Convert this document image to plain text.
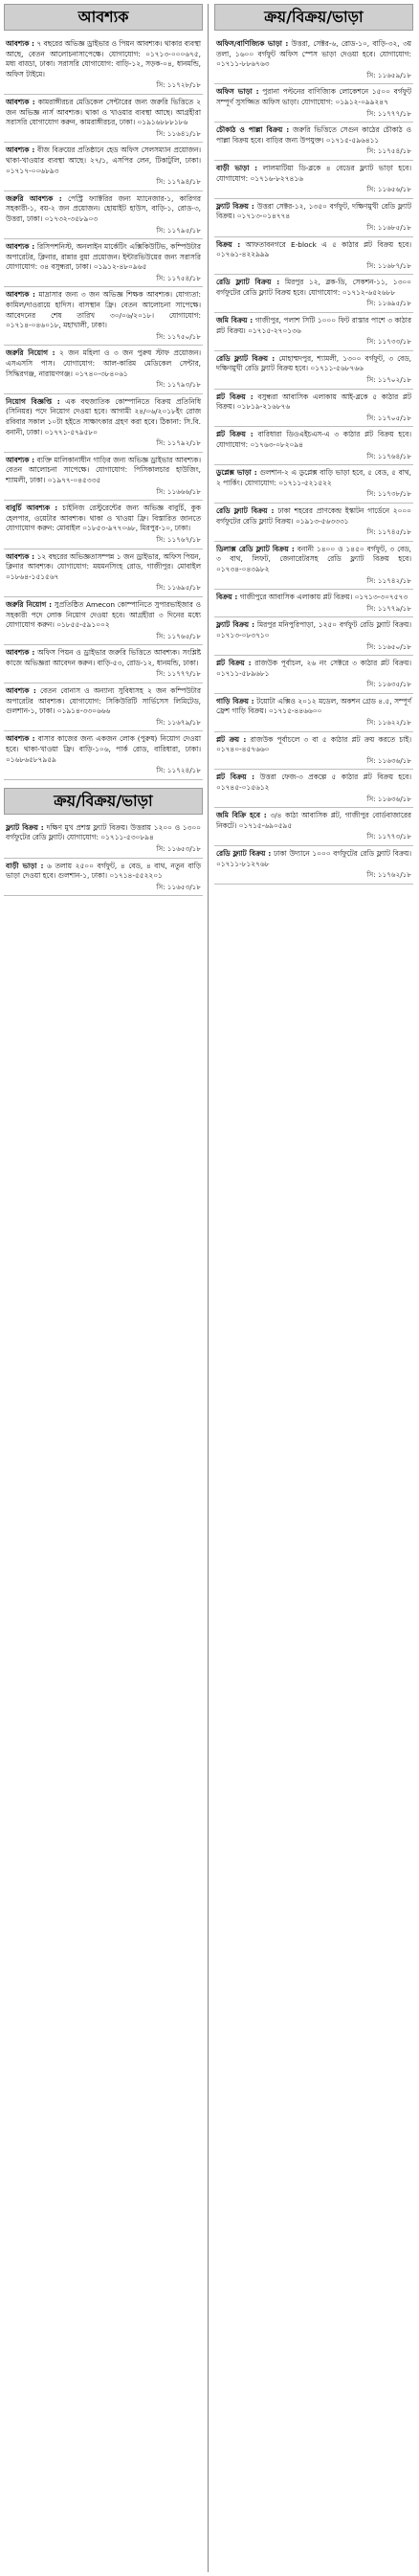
আবশ্যক
আবশ্যক : ৭ বছরের অভিজ্ঞ ড্রাইভার ও পিয়ন আবশ্যক। থাকার ব্যবস্থা আছে, বেতন আলোচনাসাপেক্ষে। যোগাযোগ: ০১৭১৩-০০০৬৭৫, মধ্য বাড্ডা, ঢাকা। সরাসরি যোগাযোগ: বাড়ি-১২, সড়ক-০৪, ধানমন্ডি, অফিস টাইমে।
সি: ১১৭২৮/১৮
আবশ্যক : কামরাঙ্গীরচর মেডিকেল সেন্টারের জন্য জরুরি ভিত্তিতে ২ জন অভিজ্ঞ নার্স আবশ্যক। থাকা ও খাওয়ার ব্যবস্থা আছে। আগ্রহীরা সরাসরি যোগাযোগ করুন, কামরাঙ্গীরচর, ঢাকা। ০১৯১৬৮৮৮১৮৬
সি: ১১৬৪১/১৮
আবশ্যক : বীজ বিক্রয়ের প্রতিষ্ঠানে হেড অফিস সেলসম্যান প্রয়োজন। থাকা-খাওয়ার ব্যবস্থা আছে। ২৭/১, এসপির লেন, টিকাটুলি, ঢাকা। ০১৭১৭-০০৬৮৯৩
সি: ১১৭৯৪/১৮
জরুরি আবশ্যক : পেস্ট্রি ফ্যাক্টরির জন্য ম্যানেজার-১, কারিগর সহকারী-১, বয়-২ জন প্রয়োজন। হোয়াইট হাউস, বাড়ি-১, রোড-৩, উত্তরা, ঢাকা। ০১৭৩২-৩৫৮৯০৩
সি: ১১৭৯৫/১৮
আবশ্যক : রিসিপশনিস্ট, অনলাইন মার্কেটিং এক্সিকিউটিভ, কম্পিউটার অপারেটর, ক্লিনার, রান্নার বুয়া প্রয়োজন। ইন্টারভিউয়ের জন্য সরাসরি যোগাযোগ: ৩৪ বসুন্ধরা, ঢাকা। ০১৯১২-৪৮০৯৬৫
সি: ১১৭৫৪/১৮
আবশ্যক : মাদ্রাসার জন্য ৩ জন অভিজ্ঞ শিক্ষক আবশ্যক। যোগ্যতা: কামিল/দাওরায়ে হাদিস। বাসস্থান ফ্রি। বেতন আলোচনা সাপেক্ষে। আবেদনের শেষ তারিখ ৩০/০৬/২০১৮। যোগাযোগ: ০১৭১৪-০৪৬০১৮, মহাখালী, ঢাকা।
সি: ১১৭৫০/১৮
জরুরি নিয়োগ : ২ জন মহিলা ও ৩ জন পুরুষ স্টাফ প্রয়োজন। এসএসসি পাস। যোগাযোগ: আল-কারিম মেডিকেল সেন্টার, সিদ্ধিরগঞ্জ, নারায়ণগঞ্জ। ০১৭৪০-৩৮৪০৬১
সি: ১১৭৯৩/১৮
নিয়োগ বিজ্ঞপ্তি : এক বহুজাতিক কোম্পানিতে বিক্রয় প্রতিনিধি (সিনিয়র) পদে নিয়োগ দেওয়া হবে। আগামী ২৪/০৬/২০১৮ইং রোজ রবিবার সকাল ১০টা হইতে সাক্ষাৎকার গ্রহণ করা হবে। ঠিকানা: সি.বি. বনানী, ঢাকা। ০১৭৭১-৫৭৯৫৮০
সি: ১১৭৯২/১৮
আবশ্যক : ব্যক্তি মালিকানাধীন গাড়ির জন্য অভিজ্ঞ ড্রাইভার আবশ্যক। বেতন আলোচনা সাপেক্ষে। যোগাযোগ: পিসিকালচার হাউজিং, শ্যামলী, ঢাকা। ০১৯৭৭-০৪৫৩৩৫
সি: ১১৬৬৬/১৮
বাবুর্চি আবশ্যক : চাইনিজ রেস্টুরেন্টের জন্য অভিজ্ঞ বাবুর্চি, কুক হেলপার, ওয়েটার আবশ্যক। থাকা ও খাওয়া ফ্রি। বিস্তারিত জানতে যোগাযোগ করুন: মোবাইল ০১৮৫৩-৯৭৭০৬৮, মিরপুর-১০, ঢাকা।
সি: ১১৭৬৭/১৮
আবশ্যক : ১২ বছরের অভিজ্ঞতাসম্পন্ন ১ জন ড্রাইভার, অফিস পিয়ন, ক্লিনার আবশ্যক। যোগাযোগ: ময়মনসিংহ রোড, গাজীপুর। মোবাইল ০১৮৬৪-১৫১৫৬৭
সি: ১১৬৯৫/১৮
জরুরি নিয়োগ : সুপ্রতিষ্ঠিত Amecon কোম্পানিতে সুপারভাইজার ও সহকারী পদে লোক নিয়োগ দেওয়া হবে। আগ্রহীরা ৩ দিনের মধ্যে যোগাযোগ করুন। ০১৮৫৫-৫৯১০০২
সি: ১১৭৬৫/১৮
আবশ্যক : অফিস পিয়ন ও ড্রাইভার জরুরি ভিত্তিতে আবশ্যক। সংশ্লিষ্ট কাজে অভিজ্ঞরা আবেদন করুন। বাড়ি-৫৩, রোড-১২, ধানমন্ডি, ঢাকা।
সি: ১১৭৭৭/১৮
আবশ্যক : বেতন বোনাস ও অন্যান্য সুবিধাসহ ২ জন কম্পিউটার অপারেটর আবশ্যক। যোগাযোগ: সিকিউরিটি সার্ভিসেস লিমিটেড, গুলশান-১, ঢাকা। ০১৯১৪-৩৩০৬৬৬
সি: ১১৬৭৯/১৮
আবশ্যক : বাসার কাজের জন্য একজন লোক (পুরুষ) নিয়োগ দেওয়া হবে। থাকা-খাওয়া ফ্রি। বাড়ি-১০৬, পার্ক রোড, বারিধারা, ঢাকা। ০১৬৮৬৫৮৭৯৫৯
সি: ১১৭২৪/১৮
ক্রয়/বিক্রয়/ভাড়া
ফ্ল্যাট বিক্রয় : দক্ষিণ মুখ প্রশস্ত ফ্ল্যাট বিক্রয়। উত্তরায় ১২০০ ও ১৩০০ বর্গফুটের রেডি ফ্ল্যাট। যোগাযোগ: ০১৭১১-৫৩০৮৯৪
সি: ১১৬৫৩/১৮
বাড়ী ভাড়া : ৬ তলায় ২৫০০ বর্গফুট, ৪ বেড, ৪ বাথ, নতুন বাড়ি ভাড়া দেওয়া হবে। গুলশান-১, ঢাকা। ০১৭১৪-৫৫২২০১
সি: ১১৬৫৩/১৮
ক্রয়/বিক্রয়/ভাড়া
অফিস/বাণিজ্যিক ভাড়া : উত্তরা, সেক্টর-৬, রোড-১০, বাড়ি-৩২, ৩য় তলা, ১৬০০ বর্গফুট অফিস স্পেস ভাড়া দেওয়া হবে। যোগাযোগ: ০১৭১১-৮৮৬৭৬৩
সি: ১১৬৫৯/১৮
অফিস ভাড়া : পুরানা পল্টনের বাণিজ্যিক লোকেশনে ১৫০০ বর্গফুট সম্পূর্ণ সুসজ্জিত অফিস ভাড়া। যোগাযোগ: ০১৯১২-০৯৯২৪৭
সি: ১১৭৭৭/১৮
চৌকাঠ ও পাল্লা বিক্রয় : জরুরি ভিত্তিতে সেগুন কাঠের চৌকাঠ ও পাল্লা বিক্রয় হবে। বাড়ির জন্য উপযুক্ত। ০১৭১৫-৫৯৬৪১১
সি: ১১৭৫৪/১৮
বাড়ী ভাড়া : লালমাটিয়া ডি-ব্লকে ৪ বেডের ফ্ল্যাট ভাড়া হবে। যোগাযোগ: ০১৭১৬-৮২৭৪১৬
সি: ১১৬৫৬/১৮
ফ্ল্যাট বিক্রয় : উত্তরা সেক্টর-১২, ১৩৫০ বর্গফুট, দক্ষিণমুখী রেডি ফ্ল্যাট বিক্রয়। ০১৭১৩-০১৪৭৭৪
সি: ১১৬৮৫/১৮
বিক্রয় : আফতাবনগরে E-block এ ৫ কাঠার প্লট বিক্রয় হবে। ০১৭৬১-৪২২৯৯৯
সি: ১১৬৮৭/১৮
রেডি ফ্ল্যাট বিক্রয় : মিরপুর ১২, ব্লক-ডি, সেকশন-১১, ১৩০০ বর্গফুটের রেডি ফ্ল্যাট বিক্রয় হবে। যোগাযোগ: ০১৭১২-৬৫২৬৮৮
সি: ১১৬৯৫/১৮
জমি বিক্রয় : গাজীপুর, পলাশ সিটি ১০০০ ফিট রাস্তার পাশে ৩ কাঠার প্লট বিক্রয়। ০১৭১৫-২৭০১৩৬
সি: ১১৭৩৩/১৮
রেডি ফ্ল্যাট বিক্রয় : মোহাম্মদপুর, শ্যামলী, ১৩০০ বর্গফুট, ৩ বেড, দক্ষিণমুখী রেডি ফ্ল্যাট বিক্রয় হবে। ০১৭১১-৫৬৮৭৬৬
সি: ১১৭০২/১৮
প্লট বিক্রয় : বসুন্ধরা আবাসিক এলাকায় আই-ব্লকে ৫ কাঠার প্লট বিক্রয়। ০১৮১৯-২১৬৮৭৬
সি: ১১৭০৫/১৮
প্লট বিক্রয় : বারিধারা ডিওএইচএস-এ ৩ কাঠার প্লট বিক্রয় হবে। যোগাযোগ: ০১৭৬৩-০৮২০৯৪
সি: ১১৭৬৪/১৮
ডুপ্লেক্স ভাড়া : গুলশান-২ এ ডুপ্লেক্স বাড়ি ভাড়া হবে, ৫ বেড, ৫ বাথ, ২ পার্কিং। যোগাযোগ: ০১৭১১-৫২১৫২২
সি: ১১৭৩৮/১৮
রেডি ফ্ল্যাট বিক্রয় : ঢাকা শহরের প্রাণকেন্দ্র ইস্কাটন গার্ডেনে ২০০০ বর্গফুটের রেডি ফ্ল্যাট বিক্রয়। ০১৯১৩-৫৬৩৩৩১
সি: ১১৭৪৫/১৮
ডিলাক্স রেডি ফ্ল্যাট বিক্রয় : বনানী ১৪০০ ও ১৪৫০ বর্গফুট, ৩ বেড, ৩ বাথ, লিফট, জেনারেটরসহ রেডি ফ্ল্যাট বিক্রয় হবে। ০১৭৩৪-০৪৩৯৮২
সি: ১১৭৪২/১৮
বিক্রয় : গাজীপুরে আবাসিক এলাকায় প্লট বিক্রয়। ০১৭১৩-৩০৭৫৭৩
সি: ১১৭৭৯/১৮
ফ্ল্যাট বিক্রয় : মিরপুর মনিপুরিপাড়া, ১২৫০ বর্গফুট রেডি ফ্ল্যাট বিক্রয়। ০১৭১৩-০৮৩৭১০
সি: ১১৬৫০/১৮
প্লট বিক্রয় : রাজউক পূর্বাচল, ২৬ নং সেক্টরে ৩ কাঠার প্লট বিক্রয়। ০১৭১১-৫৮৯৬৮১
সি: ১১৬৩৫/১৮
গাড়ি বিক্রয় : টয়োটা এক্সিও ২০১২ মডেল, অকশন গ্রেড ৪.৫, সম্পূর্ণ ফ্রেশ গাড়ি বিক্রয়। ০১৭১৫-৪৪৬৬০০
সি: ১১৬২২/১৮
প্লট ক্রয় : রাজউক পূর্বাচলে ৩ বা ৫ কাঠার প্লট ক্রয় করতে চাই। ০১৭৪০-৪৫৭৬৬০
সি: ১১৬৩৬/১৮
প্লট বিক্রয় : উত্তরা ফেজ-৩ প্রকল্পে ৫ কাঠার প্লট বিক্রয় হবে। ০১৭৪৫-০১৫৬১২
সি: ১১৬৩৬/১৮
জমি বিক্রি হবে : ৩/৪ কাঠা আবাসিক প্লট, গাজীপুর বোর্ডবাজারের নিকটে। ০১৭১৫-৬৯০৫৯৫
সি: ১১৭৭৩/১৮
রেডি ফ্ল্যাট বিক্রয় : ঢাকা উদ্যানে ১০০০ বর্গফুটের রেডি ফ্ল্যাট বিক্রয়। ০১৭১১-৮১২৭৬৮
সি: ১১৭৬২/১৮
